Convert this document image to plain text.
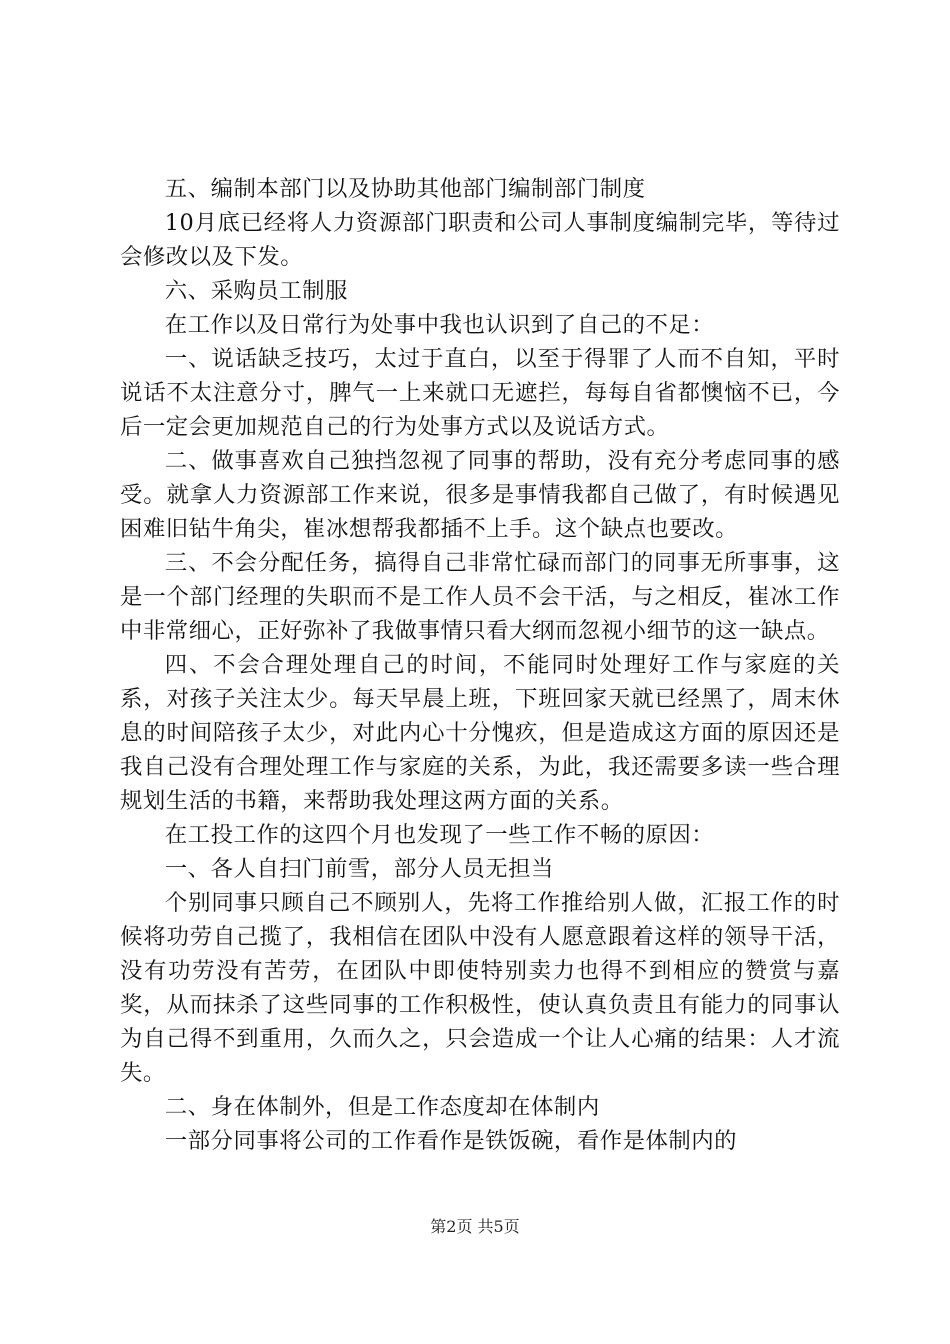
五、编制本部门以及协助其他部门编制部门制度

10月底已经将人力资源部门职责和公司人事制度编制完毕，等待过会修改以及下发。

六、采购员工制服

在工作以及日常行为处事中我也认识到了自己的不足：

一、说话缺乏技巧，太过于直白，以至于得罪了人而不自知，平时说话不太注意分寸，脾气一上来就口无遮拦，每每自省都懊恼不已，今后一定会更加规范自己的行为处事方式以及说话方式。

二、做事喜欢自己独挡忽视了同事的帮助，没有充分考虑同事的感受。就拿人力资源部工作来说，很多是事情我都自己做了，有时候遇见困难旧钻牛角尖，崔冰想帮我都插不上手。这个缺点也要改。

三、不会分配任务，搞得自己非常忙碌而部门的同事无所事事，这是一个部门经理的失职而不是工作人员不会干活，与之相反，崔冰工作中非常细心，正好弥补了我做事情只看大纲而忽视小细节的这一缺点。

四、不会合理处理自己的时间，不能同时处理好工作与家庭的关系，对孩子关注太少。每天早晨上班，下班回家天就已经黑了，周末休息的时间陪孩子太少，对此内心十分愧疚，但是造成这方面的原因还是我自己没有合理处理工作与家庭的关系，为此，我还需要多读一些合理规划生活的书籍，来帮助我处理这两方面的关系。

在工投工作的这四个月也发现了一些工作不畅的原因：

一、各人自扫门前雪，部分人员无担当

个别同事只顾自己不顾别人，先将工作推给别人做，汇报工作的时候将功劳自己揽了，我相信在团队中没有人愿意跟着这样的领导干活，没有功劳没有苦劳，在团队中即使特别卖力也得不到相应的赞赏与嘉奖，从而抹杀了这些同事的工作积极性，使认真负责且有能力的同事认为自己得不到重用，久而久之，只会造成一个让人心痛的结果：人才流失。

二、身在体制外，但是工作态度却在体制内

一部分同事将公司的工作看作是铁饭碗，看作是体制内的

第2页 共5页
